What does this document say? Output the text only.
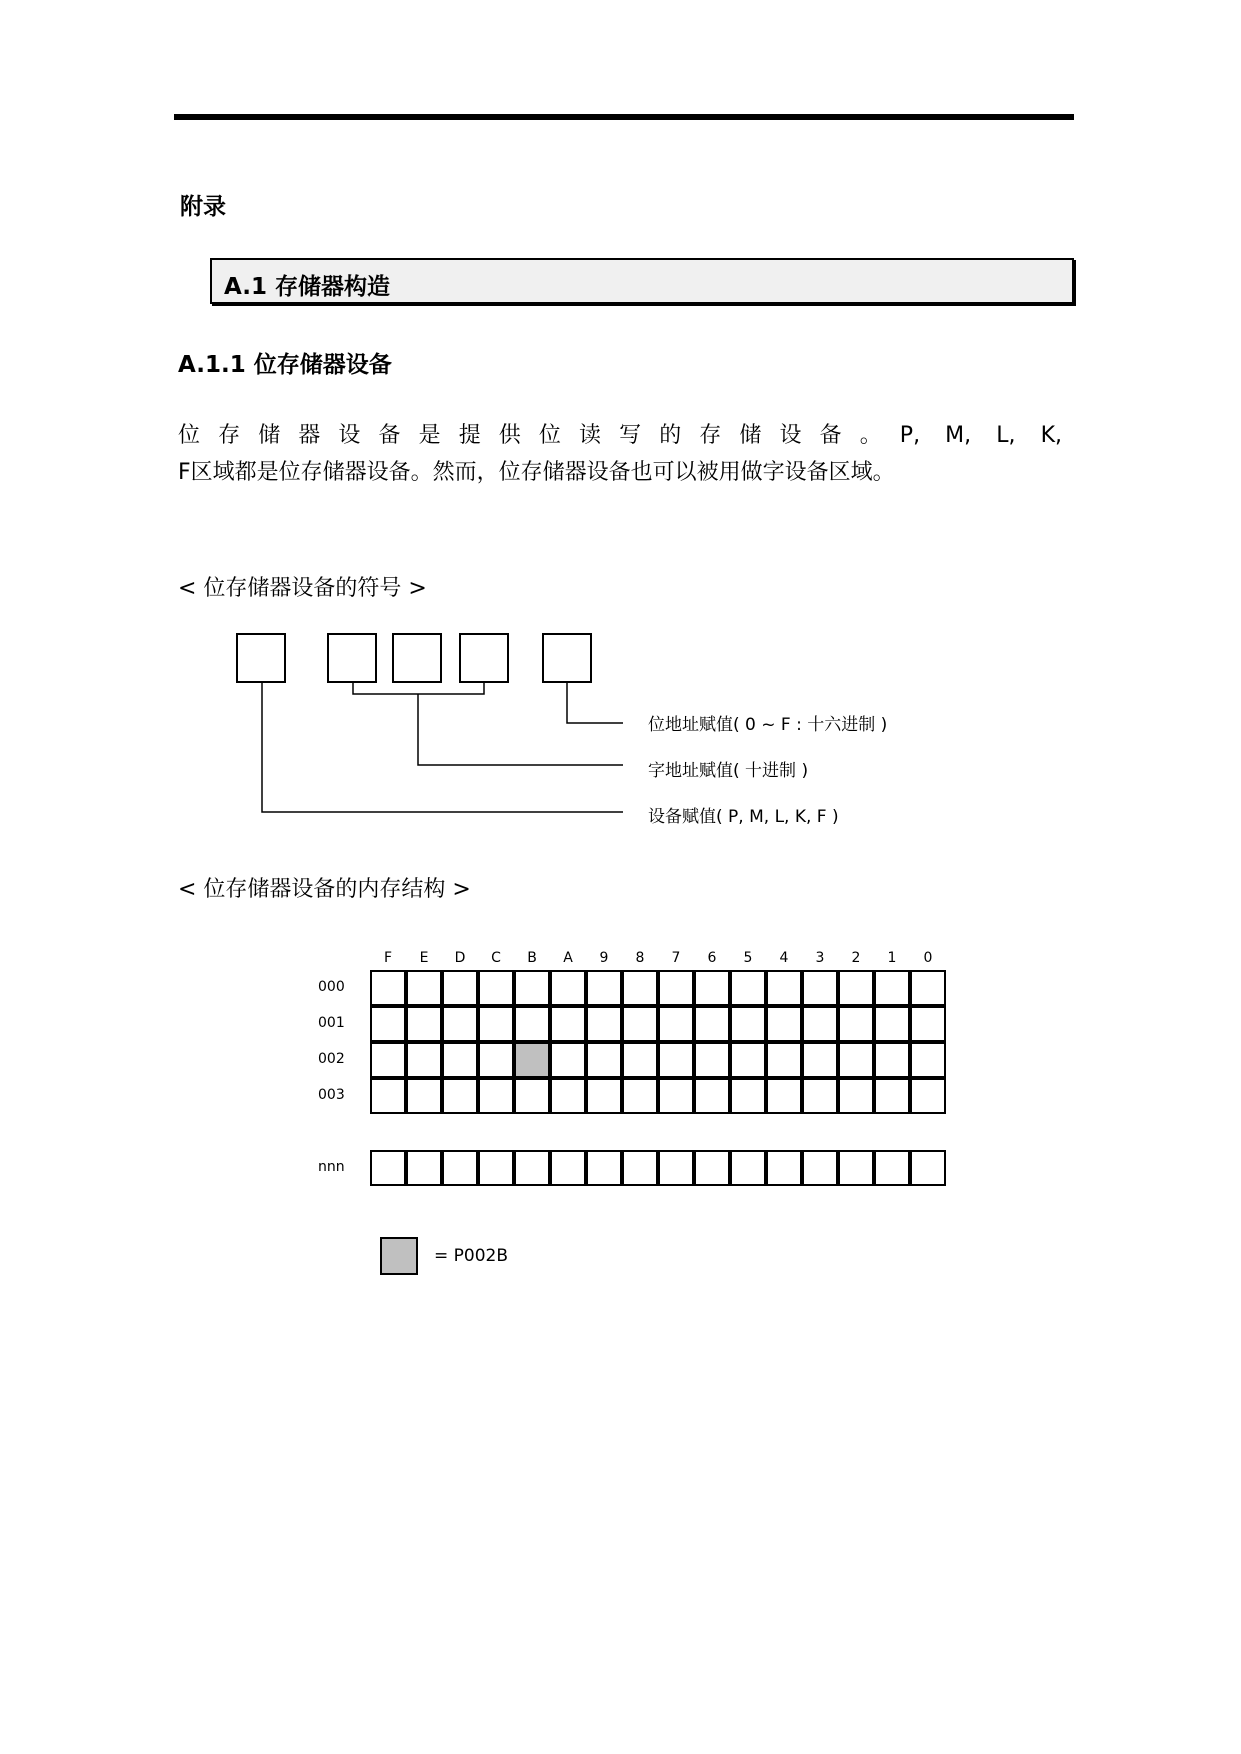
附录
A.1 存储器构造
A.1.1 位存储器设备

位存储器设备是提供位读写的存储设备。P, M, L, K,

F区域都是位存储器设备。然而，位存储器设备也可以被用做字设备区域。

< 位存储器设备的符号 >

位地址赋值( 0 ~ F : 十六进制 )
字地址赋值( 十进制 )
设备赋值( P, M, L, K, F )

< 位存储器设备的内存结构 >

F	E	D	C	B	A	9	8	7	6	5	4	3	2	1	0
000
001
002
003
nnn
= P002B
